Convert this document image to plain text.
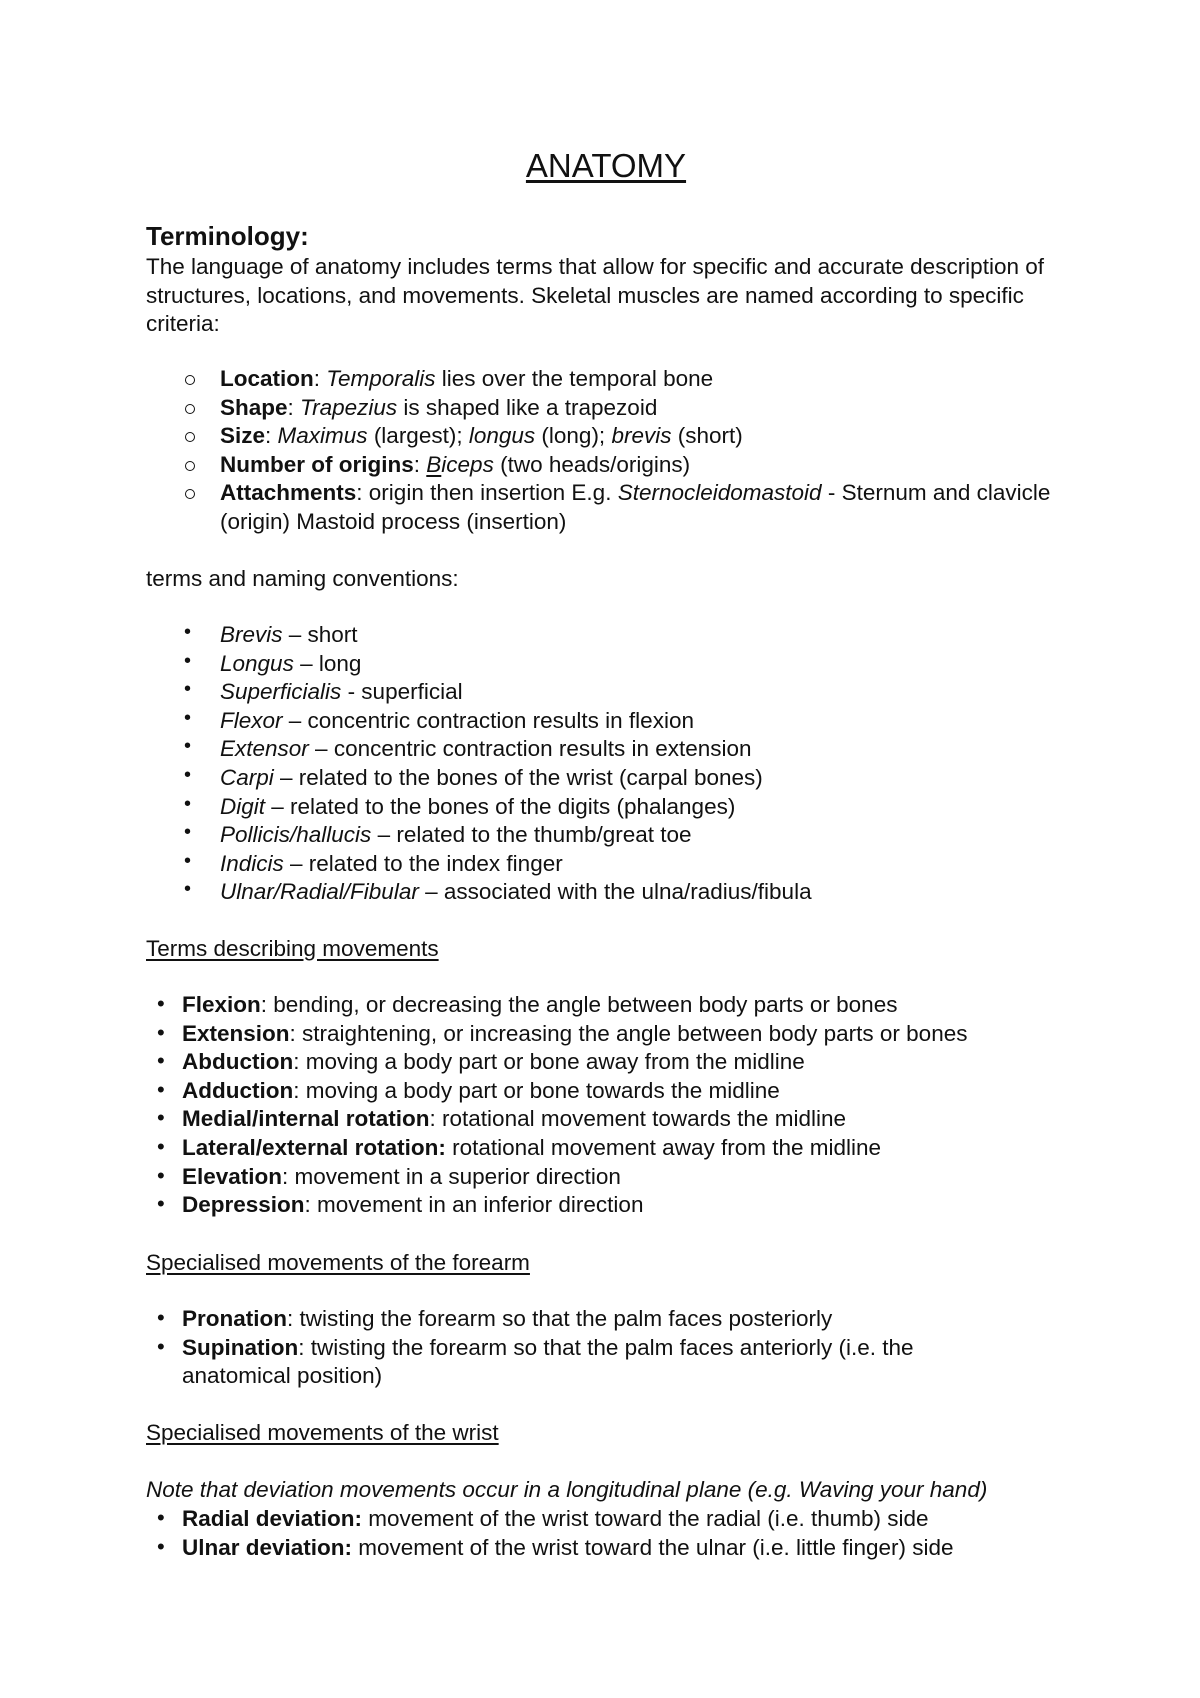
ANATOMY
Terminology:

The language of anatomy includes terms that allow for specific and accurate description of structures, locations, and movements. Skeletal muscles are named according to specific criteria:

Location: Temporalis lies over the temporal bone
Shape: Trapezius is shaped like a trapezoid
Size: Maximus (largest); longus (long); brevis (short)
Number of origins: Biceps (two heads/origins)
Attachments: origin then insertion E.g. Sternocleidomastoid - Sternum and clavicle (origin) Mastoid process (insertion)

terms and naming conventions:

• Brevis – short
• Longus – long
• Superficialis - superficial
• Flexor – concentric contraction results in flexion
• Extensor – concentric contraction results in extension
• Carpi – related to the bones of the wrist (carpal bones)
• Digit – related to the bones of the digits (phalanges)
• Pollicis/hallucis – related to the thumb/great toe
• Indicis – related to the index finger
• Ulnar/Radial/Fibular – associated with the ulna/radius/fibula

Terms describing movements

• Flexion: bending, or decreasing the angle between body parts or bones
• Extension: straightening, or increasing the angle between body parts or bones
• Abduction: moving a body part or bone away from the midline
• Adduction: moving a body part or bone towards the midline
• Medial/internal rotation: rotational movement towards the midline
• Lateral/external rotation: rotational movement away from the midline
• Elevation: movement in a superior direction
• Depression: movement in an inferior direction

Specialised movements of the forearm

• Pronation: twisting the forearm so that the palm faces posteriorly
• Supination: twisting the forearm so that the palm faces anteriorly (i.e. the anatomical position)

Specialised movements of the wrist

Note that deviation movements occur in a longitudinal plane (e.g. Waving your hand)

• Radial deviation: movement of the wrist toward the radial (i.e. thumb) side
• Ulnar deviation: movement of the wrist toward the ulnar (i.e. little finger) side
